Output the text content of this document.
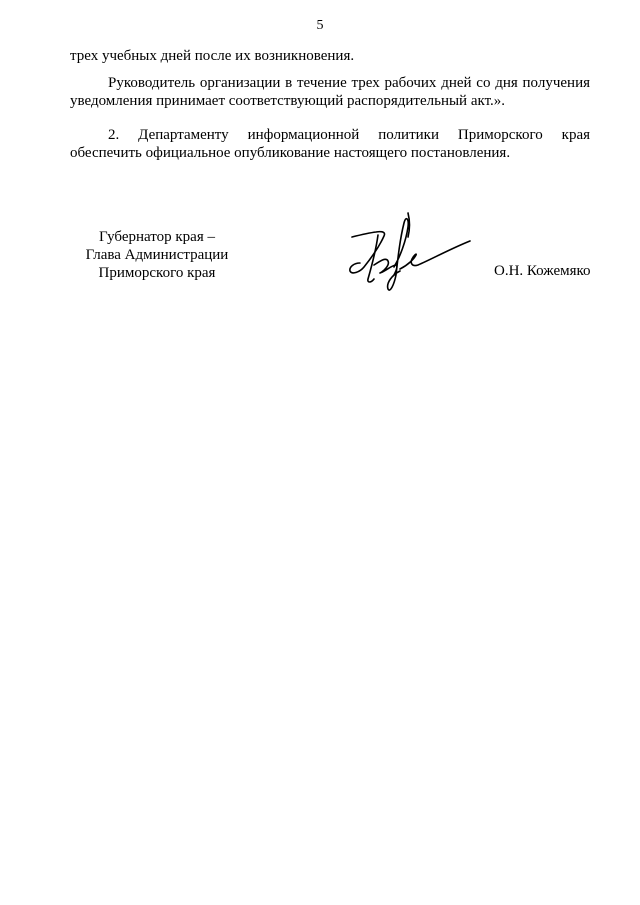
5
трех учебных дней после их возникновения.
Руководитель организации в течение трех рабочих дней со дня получения
уведомления принимает соответствующий распорядительный акт.».
2. Департаменту информационной политики Приморского края
обеспечить официальное опубликование настоящего постановления.
Губернатор края –
Глава Администрации
Приморского края	О.Н. Кожемяко
